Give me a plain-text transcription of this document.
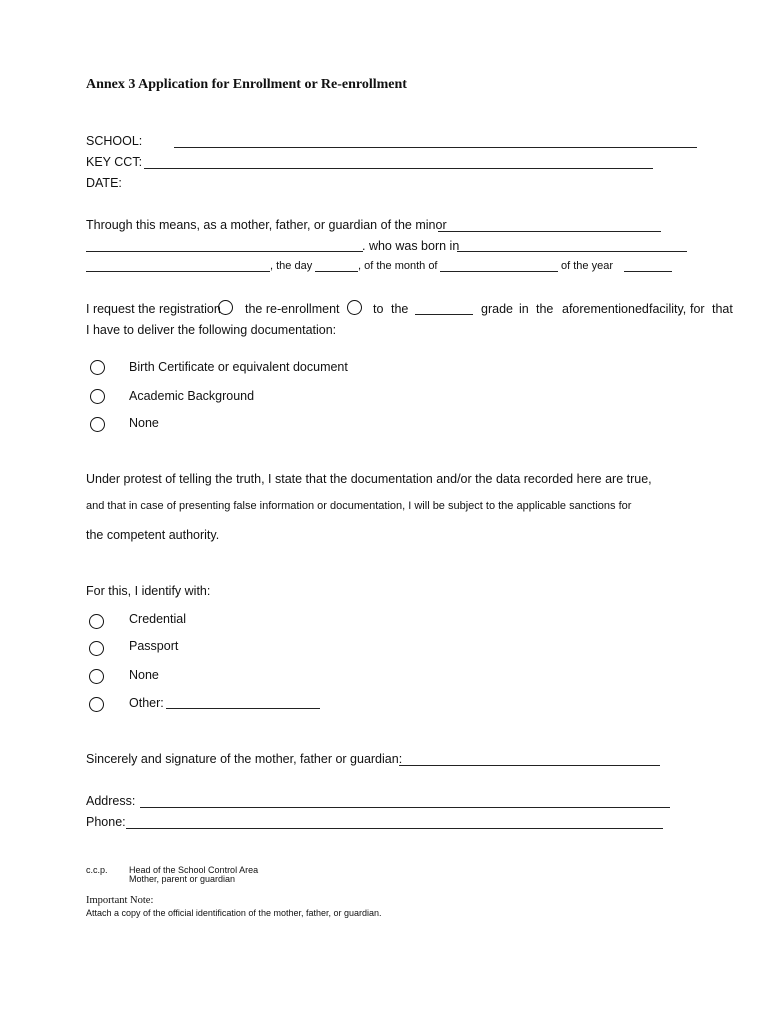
Annex 3 Application for Enrollment or Re-enrollment
SCHOOL:
KEY CCT:
DATE:
Through this means, as a mother, father, or guardian of the minor
. who was born in
, the day	, of the month of	of the year
I request the registration the re-enrollment	to the	grade in the aforementioned facility, for that
I have to deliver the following documentation:
Birth Certificate or equivalent document
Academic Background
None
Under protest of telling the truth, I state that the documentation and/or the data recorded here are true,
and that in case of presenting false information or documentation, I will be subject to the applicable sanctions for
the competent authority.
For this, I identify with:
Credential
Passport
None
Other:
Sincerely and signature of the mother, father or guardian:
Address:
Phone:
c.c.p. Head of the School Control Area
Mother, parent or guardian
Important Note:
Attach a copy of the official identification of the mother, father, or guardian.
